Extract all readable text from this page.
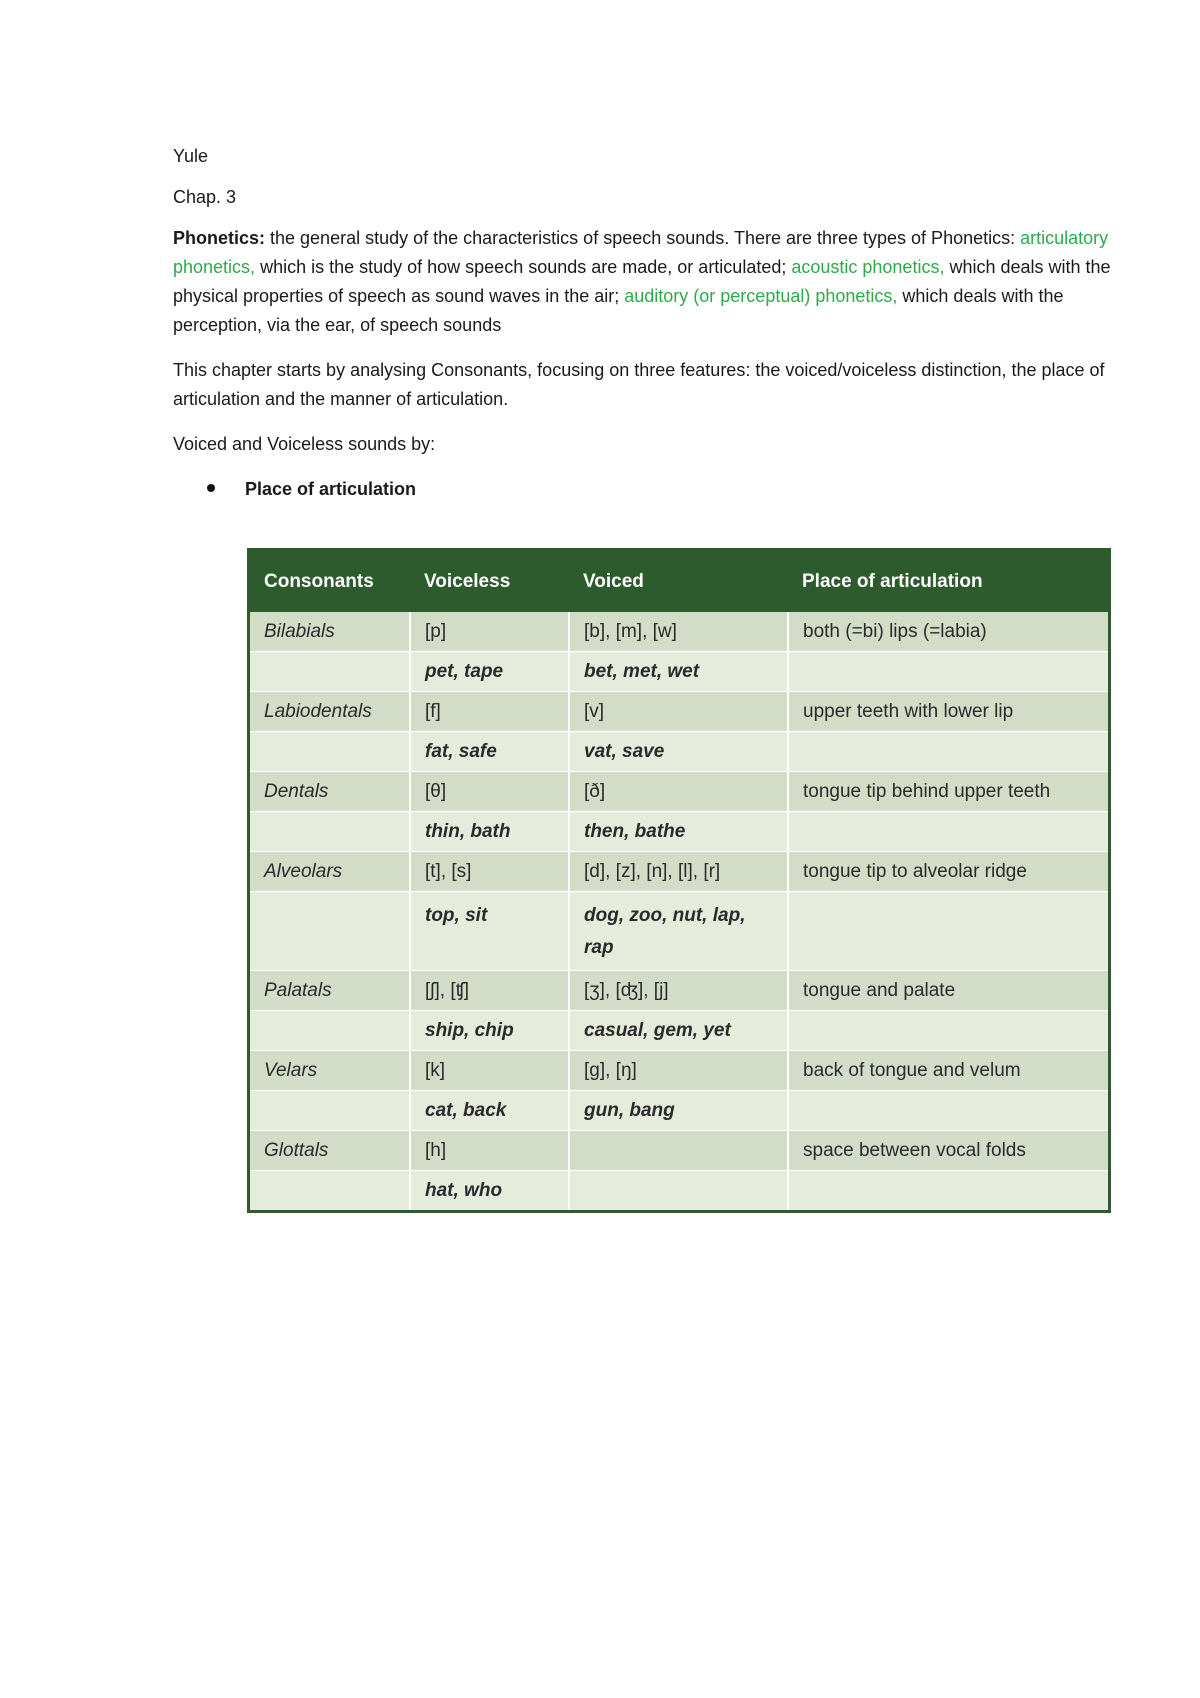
Yule

Chap. 3

Phonetics: the general study of the characteristics of speech sounds. There are three types of Phonetics: articulatory phonetics, which is the study of how speech sounds are made, or articulated; acoustic phonetics, which deals with the physical properties of speech as sound waves in the air; auditory (or perceptual) phonetics, which deals with the perception, via the ear, of speech sounds

This chapter starts by analysing Consonants, focusing on three features: the voiced/voiceless distinction, the place of articulation and the manner of articulation.

Voiced and Voiceless sounds by:

Place of articulation
Consonants	Voiceless	Voiced	Place of articulation
Bilabials	[p]	[b], [m], [w]	both (=bi) lips (=labia)
	pet, tape	bet, met, wet	
Labiodentals	[f]	[v]	upper teeth with lower lip
	fat, safe	vat, save	
Dentals	[θ]	[ð]	tongue tip behind upper teeth
	thin, bath	then, bathe	
Alveolars	[t], [s]	[d], [z], [n], [l], [r]	tongue tip to alveolar ridge
	top, sit	dog, zoo, nut, lap, rap	
Palatals	[ʃ], [ʧ]	[ʒ], [ʤ], [j]	tongue and palate
	ship, chip	casual, gem, yet	
Velars	[k]	[g], [ŋ]	back of tongue and velum
	cat, back	gun, bang	
Glottals	[h]		space between vocal folds
	hat, who		
